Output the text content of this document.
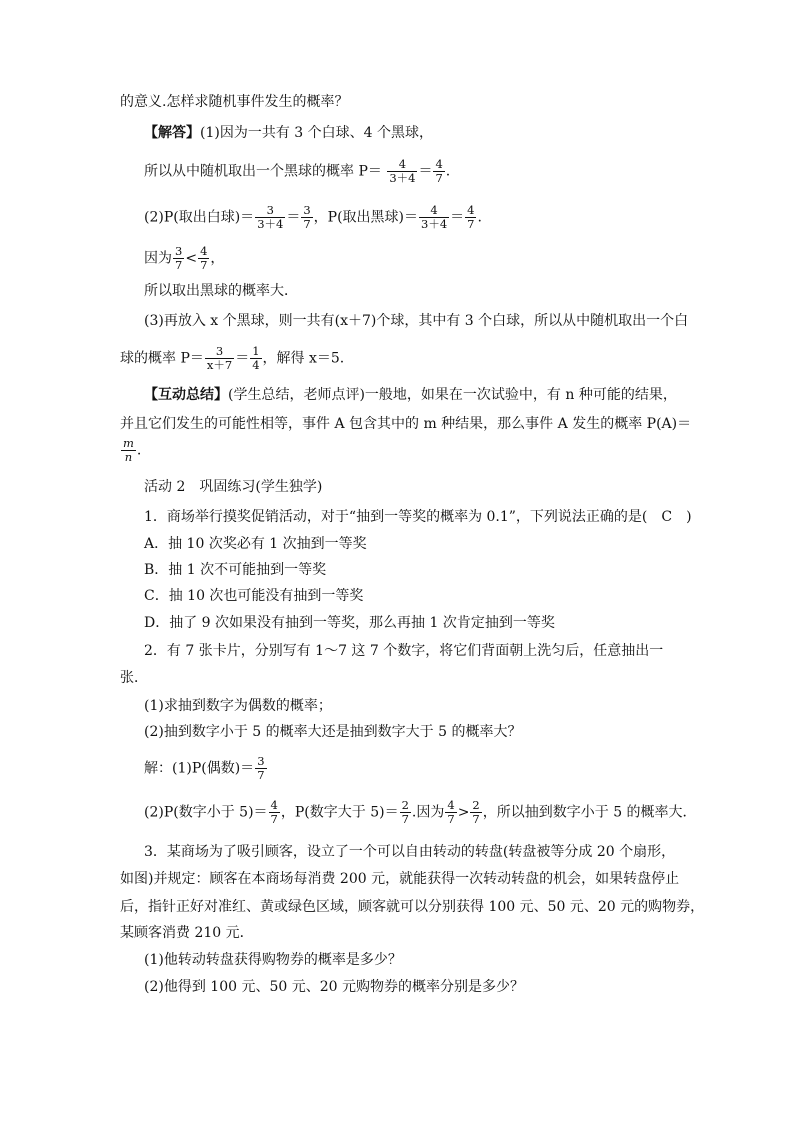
的意义.怎样求随机事件发生的概率？
【解答】(1)因为一共有 3 个白球、4 个黑球，
所以从中随机取出一个黑球的概率 $P= \frac{4}{3+4} = \frac{4}{7}$ .
(2)P(取出白球)＝ $\frac{3}{3+4} = \frac{3}{7}$ ，P(取出黑球)＝ $\frac{4}{3+4} = \frac{4}{7}$ .
因为 $\frac{3}{7} < \frac{4}{7}$ ，
所以取出黑球的概率大．
(3)再放入 x 个黑球，则一共有(x＋7)个球，其中有 3 个白球，所以从中随机取出一个白
球的概率 $P= \frac{3}{x+7} = \frac{1}{4}$ ，解得 x＝5.
【互动总结】(学生总结，老师点评)一般地，如果在一次试验中，有 n 种可能的结果，
并且它们发生的可能性相等，事件 A 包含其中的 m 种结果，那么事件 A 发生的概率 P(A)＝
$\frac{m}{n}$ .
活动 2　巩固练习(学生独学)
1．商场举行摸奖促销活动，对于“抽到一等奖的概率为 0.1”，下列说法正确的是(　C　)
A．抽 10 次奖必有 1 次抽到一等奖
B．抽 1 次不可能抽到一等奖
C．抽 10 次也可能没有抽到一等奖
D．抽了 9 次如果没有抽到一等奖，那么再抽 1 次肯定抽到一等奖
2．有 7 张卡片，分别写有 1～7 这 7 个数字，将它们背面朝上洗匀后，任意抽出一
张．
(1)求抽到数字为偶数的概率；
(2)抽到数字小于 5 的概率大还是抽到数字大于 5 的概率大？
解：(1)P(偶数)＝ $\frac{3}{7}$
(2)P(数字小于 $5)= \frac{4}{7}$ ，P(数字大于 $5)= \frac{2}{7}$ .因为 $\frac{4}{7} > \frac{2}{7}$ ，所以抽到数字小于 5 的概率大．
3．某商场为了吸引顾客，设立了一个可以自由转动的转盘(转盘被等分成 20 个扇形，
如图)并规定：顾客在本商场每消费 200 元，就能获得一次转动转盘的机会，如果转盘停止
后，指针正好对准红、黄或绿色区域，顾客就可以分别获得 100 元、50 元、20 元的购物券，
某顾客消费 210 元．
(1)他转动转盘获得购物券的概率是多少？
(2)他得到 100 元、50 元、20 元购物券的概率分别是多少？
